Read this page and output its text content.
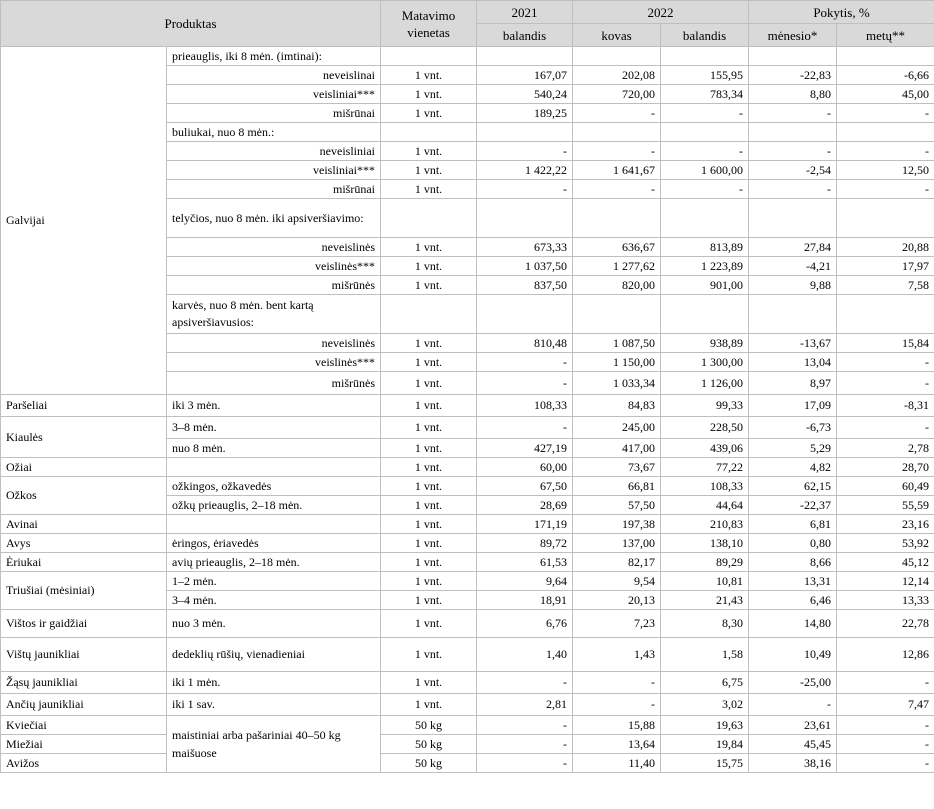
Produktas		Matavimo vienetas	2021	2022		Pokytis, %	
			balandis	kovas	balandis	mėnesio*	metų**
Galvijai	prieauglis, iki 8 mėn. (imtinai):						
	neveislinai	1 vnt.	167,07	202,08	155,95	-22,83	-6,66
	veisliniai***	1 vnt.	540,24	720,00	783,34	8,80	45,00
	mišrūnai	1 vnt.	189,25	-	-	-	-
	buliukai, nuo 8 mėn.:						
	neveisliniai	1 vnt.	-	-	-	-	-
	veisliniai***	1 vnt.	1 422,22	1 641,67	1 600,00	-2,54	12,50
	mišrūnai	1 vnt.	-	-	-	-	-
	telyčios, nuo 8 mėn. iki apsiveršiavimo:						
	neveislinės	1 vnt.	673,33	636,67	813,89	27,84	20,88
	veislinės***	1 vnt.	1 037,50	1 277,62	1 223,89	-4,21	17,97
	mišrūnės	1 vnt.	837,50	820,00	901,00	9,88	7,58
	karvės, nuo 8 mėn. bent kartą apsiveršiavusios:						
	neveislinės	1 vnt.	810,48	1 087,50	938,89	-13,67	15,84
	veislinės***	1 vnt.	-	1 150,00	1 300,00	13,04	-
	mišrūnės	1 vnt.	-	1 033,34	1 126,00	8,97	-
Paršeliai	iki 3 mėn.	1 vnt.	108,33	84,83	99,33	17,09	-8,31
Kiaulės	3–8 mėn.	1 vnt.	-	245,00	228,50	-6,73	-
	nuo 8 mėn.	1 vnt.	427,19	417,00	439,06	5,29	2,78
Ožiai		1 vnt.	60,00	73,67	77,22	4,82	28,70
Ožkos	ožkingos, ožkavedės	1 vnt.	67,50	66,81	108,33	62,15	60,49
	ožkų prieauglis, 2–18 mėn.	1 vnt.	28,69	57,50	44,64	-22,37	55,59
Avinai		1 vnt.	171,19	197,38	210,83	6,81	23,16
Avys	ėringos, ėriavedės	1 vnt.	89,72	137,00	138,10	0,80	53,92
Ėriukai	avių prieauglis, 2–18 mėn.	1 vnt.	61,53	82,17	89,29	8,66	45,12
Triušiai (mėsiniai)	1–2 mėn.	1 vnt.	9,64	9,54	10,81	13,31	12,14
	3–4 mėn.	1 vnt.	18,91	20,13	21,43	6,46	13,33
Vištos ir gaidžiai	nuo 3 mėn.	1 vnt.	6,76	7,23	8,30	14,80	22,78
Vištų jaunikliai	dedeklių rūšių, vienadieniai	1 vnt.	1,40	1,43	1,58	10,49	12,86
Žąsų jaunikliai	iki 1 mėn.	1 vnt.	-	-	6,75	-25,00	-
Ančių jaunikliai	iki 1 sav.	1 vnt.	2,81	-	3,02	-	7,47
Kviečiai	maistiniai arba pašariniai 40–50 kg maišuose	50 kg	-	15,88	19,63	23,61	-
Miežiai		50 kg	-	13,64	19,84	45,45	-
Avižos		50 kg	-	11,40	15,75	38,16	-
